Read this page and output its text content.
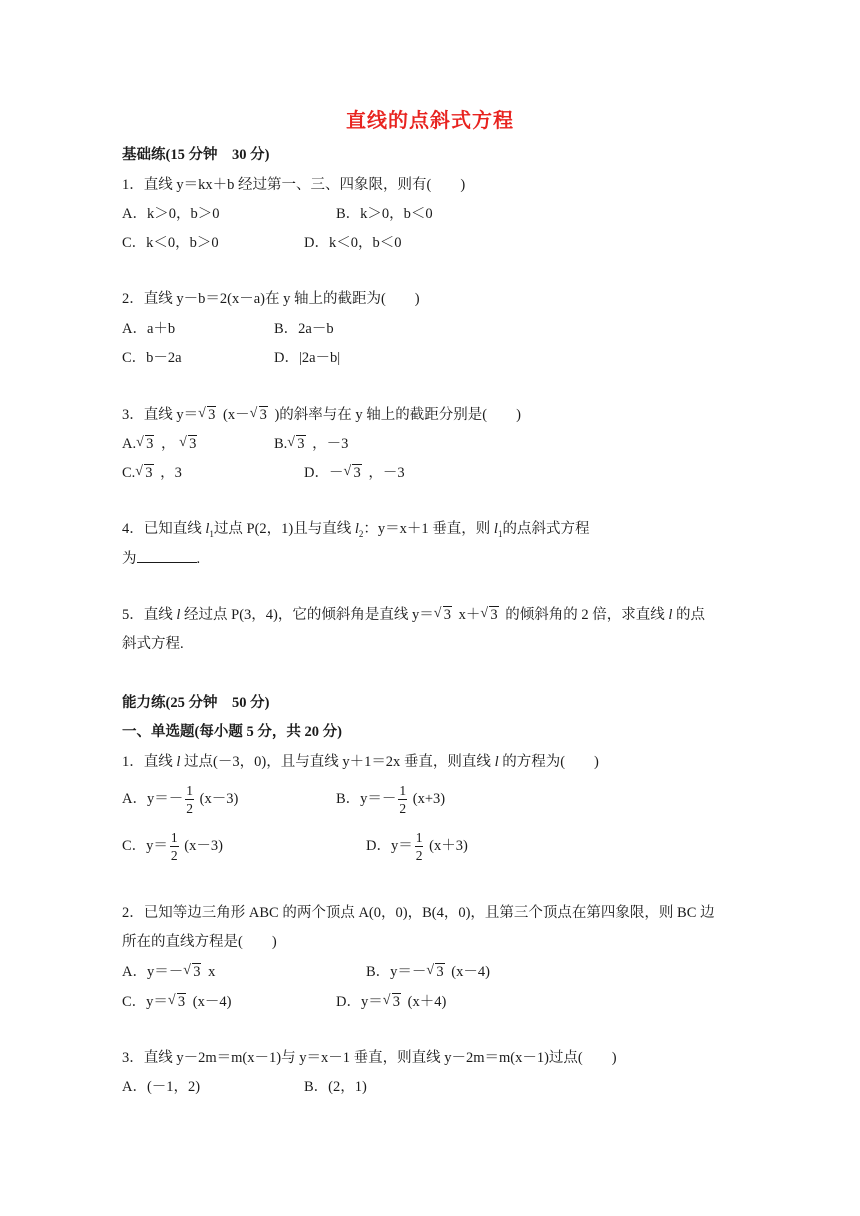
直线的点斜式方程
基础练(15 分钟　30 分)
1．直线 y＝kx＋b 经过第一、三、四象限，则有(　　)
A．k＞0，b＞0	B．k＞0，b＜0
C．k＜0，b＞0	D．k＜0，b＜0
2．直线 y－b＝2(x－a)在 y 轴上的截距为(　　)
A．a＋b	B．2a－b
C．b－2a	D．|2a－b|
3．直线 y＝ √ 3 (x－ √ 3 )的斜率与在 y 轴上的截距分别是(　　)
A. √ 3 ， √ 3	B. √ 3 ，－3
C. √ 3 ，3	D．－ √ 3 ，－3
4．已知直线 $l_1$过点 P(2，1)且与直线 $l_2$：y＝x＋1 垂直，则 $l_1$的点斜式方程
为	.
5．直线 l 经过点 P(3，4)，它的倾斜角是直线 y＝ √ 3 x＋ √ 3 的倾斜角的 2 倍，求直线 l 的点
斜式方程.
能力练(25 分钟　50 分)
一、单选题(每小题 5 分，共 20 分)
1．直线 l 过点(－3，0)，且与直线 y＋1＝2x 垂直，则直线 l 的方程为(　　)
A．$y=- \frac{1}{2} (x-3)$	B．$y=- \frac{1}{2} (x+3)$
C．$y= \frac{1}{2} (x-3)$	D．$y= \frac{1}{2} (x+3)$
2．已知等边三角形 ABC 的两个顶点 A(0，0)，B(4，0)，且第三个顶点在第四象限，则 BC 边
所在的直线方程是(　　)
A．y＝－ √ 3 x	B．y＝－ √ 3 (x－4)
C．y＝ √ 3 (x－4)	D．y＝ √ 3 (x＋4)
3．直线 y－2m＝m(x－1)与 y＝x－1 垂直，则直线 y－2m＝m(x－1)过点(　　)
A．(－1，2)	B．(2，1)
